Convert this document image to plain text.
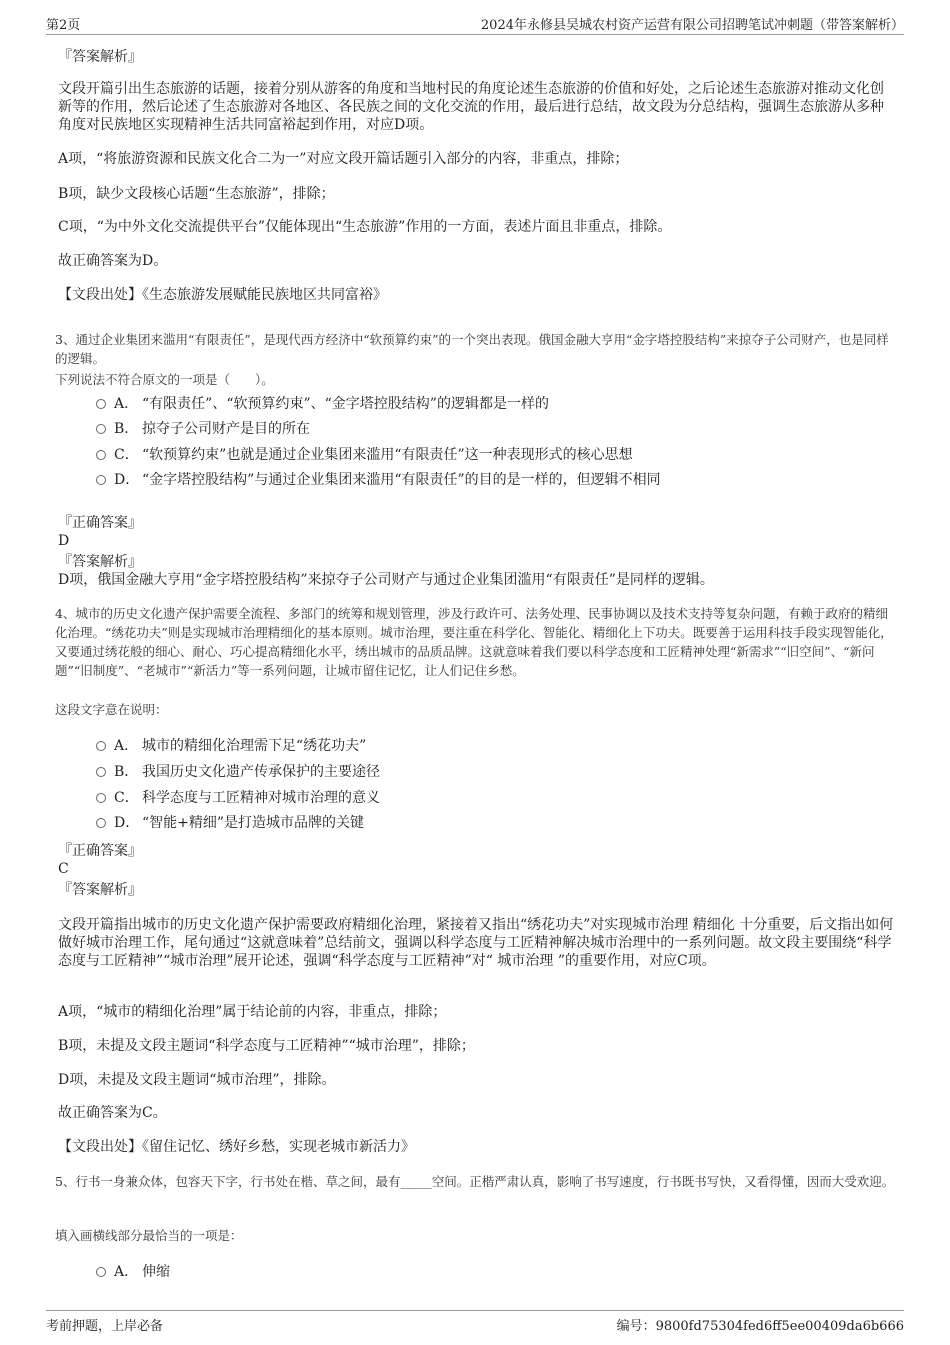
第2页	2024年永修县吴城农村资产运营有限公司招聘笔试冲刺题（带答案解析）
『答案解析』
文段开篇引出生态旅游的话题，接着分别从游客的角度和当地村民的角度论述生态旅游的价值和好处，之后论述生态旅游对推动文化创新等的作用，然后论述了生态旅游对各地区、各民族之间的文化交流的作用，最后进行总结，故文段为分总结构，强调生态旅游从多种角度对民族地区实现精神生活共同富裕起到作用，对应D项。
A项，“将旅游资源和民族文化合二为一”对应文段开篇话题引入部分的内容，非重点，排除；
B项，缺少文段核心话题“生态旅游”，排除；
C项，“为中外文化交流提供平台”仅能体现出“生态旅游”作用的一方面，表述片面且非重点，排除。
故正确答案为D。
【文段出处】《生态旅游发展赋能民族地区共同富裕》
3、通过企业集团来滥用“有限责任”，是现代西方经济中“软预算约束”的一个突出表现。俄国金融大亨用“金字塔控股结构”来掠夺子公司财产，也是同样的逻辑。
下列说法不符合原文的一项是（　　）。
A． “有限责任”、“软预算约束”、“金字塔控股结构”的逻辑都是一样的
B． 掠夺子公司财产是目的所在
C． “软预算约束”也就是通过企业集团来滥用“有限责任”这一种表现形式的核心思想
D． “金字塔控股结构”与通过企业集团来滥用“有限责任”的目的是一样的，但逻辑不相同
『正确答案』
D
『答案解析』
D项，俄国金融大亨用“金字塔控股结构”来掠夺子公司财产与通过企业集团滥用“有限责任”是同样的逻辑。
4、城市的历史文化遗产保护需要全流程、多部门的统筹和规划管理，涉及行政许可、法务处理、民事协调以及技术支持等复杂问题，有赖于政府的精细化治理。“绣花功夫”则是实现城市治理精细化的基本原则。城市治理，要注重在科学化、智能化、精细化上下功夫。既要善于运用科技手段实现智能化，又要通过绣花般的细心、耐心、巧心提高精细化水平，绣出城市的品质品牌。这就意味着我们要以科学态度和工匠精神处理“新需求”“旧空间”、“新问题”“旧制度”、“老城市”“新活力”等一系列问题，让城市留住记忆，让人们记住乡愁。
这段文字意在说明：
A． 城市的精细化治理需下足“绣花功夫”
B． 我国历史文化遗产传承保护的主要途径
C． 科学态度与工匠精神对城市治理的意义
D． “智能+精细”是打造城市品牌的关键
『正确答案』
C
『答案解析』
文段开篇指出城市的历史文化遗产保护需要政府精细化治理，紧接着又指出“绣花功夫”对实现城市治理 精细化 十分重要，后文指出如何做好城市治理工作，尾句通过“这就意味着”总结前文，强调以科学态度与工匠精神解决城市治理中的一系列问题。故文段主要围绕“科学态度与工匠精神”“城市治理”展开论述，强调“科学态度与工匠精神”对“ 城市治理 ”的重要作用，对应C项。
A项，“城市的精细化治理”属于结论前的内容，非重点，排除；
B项，未提及文段主题词“科学态度与工匠精神”“城市治理”，排除；
D项，未提及文段主题词“城市治理”，排除。
故正确答案为C。
【文段出处】《留住记忆、绣好乡愁，实现老城市新活力》
5、行书一身兼众体，包容天下字，行书处在楷、草之间，最有_____空间。正楷严肃认真，影响了书写速度，行书既书写快，又看得懂，因而大受欢迎。
填入画横线部分最恰当的一项是：
A． 伸缩
考前押题，上岸必备	编号：9800fd75304fed6ff5ee00409da6b666
